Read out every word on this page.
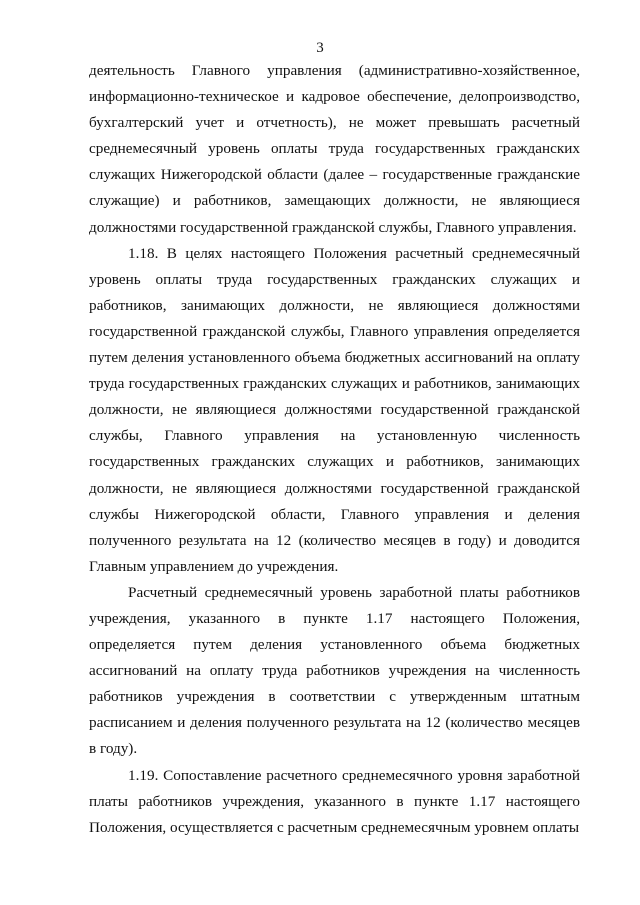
3

деятельность Главного управления (административно-хозяйственное, информационно-техническое и кадровое обеспечение, делопроизводство, бухгалтерский учет и отчетность), не может превышать расчетный среднемесячный уровень оплаты труда государственных гражданских служащих Нижегородской области (далее – государственные гражданские служащие) и работников, замещающих должности, не являющиеся должностями государственной гражданской службы, Главного управления.

1.18. В целях настоящего Положения расчетный среднемесячный уровень оплаты труда государственных гражданских служащих и работников, занимающих должности, не являющиеся должностями государственной гражданской службы, Главного управления определяется путем деления установленного объема бюджетных ассигнований на оплату труда государственных гражданских служащих и работников, занимающих должности, не являющиеся должностями государственной гражданской службы, Главного управления на установленную численность государственных гражданских служащих и работников, занимающих должности, не являющиеся должностями государственной гражданской службы Нижегородской области, Главного управления и деления полученного результата на 12 (количество месяцев в году) и доводится Главным управлением до учреждения.

Расчетный среднемесячный уровень заработной платы работников учреждения, указанного в пункте 1.17 настоящего Положения, определяется путем деления установленного объема бюджетных ассигнований на оплату труда работников учреждения на численность работников учреждения в соответствии с утвержденным штатным расписанием и деления полученного результата на 12 (количество месяцев в году).

1.19. Сопоставление расчетного среднемесячного уровня заработной платы работников учреждения, указанного в пункте 1.17 настоящего Положения, осуществляется с расчетным среднемесячным уровнем оплаты
